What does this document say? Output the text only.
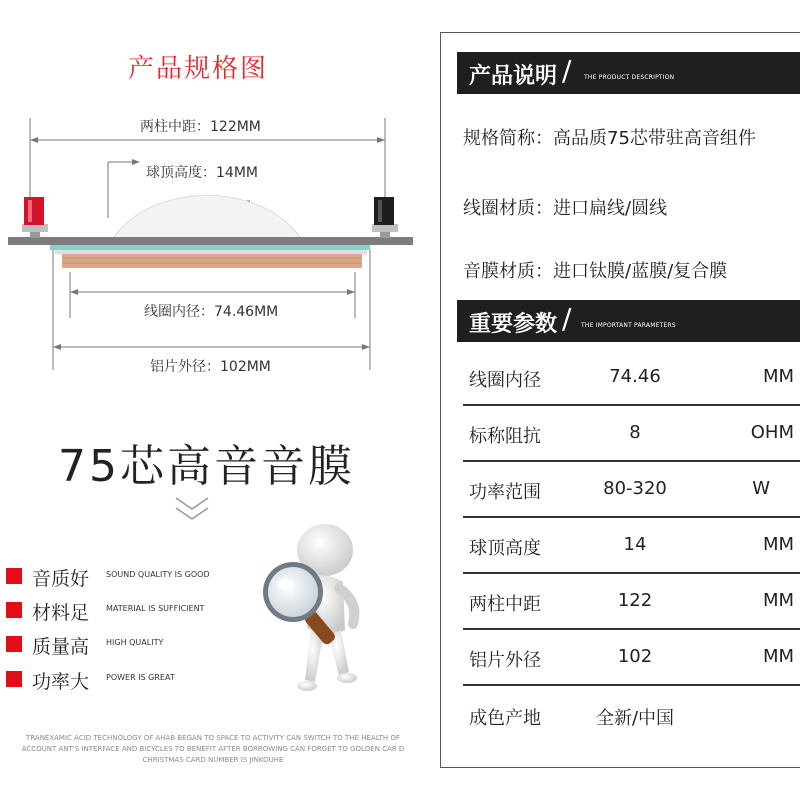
产品规格图
两柱中距：122MM
球顶高度：14MM
线圈内径：74.46MM
铝片外径：102MM
75芯高音音膜
音质好 SOUND QUALITY IS GOOD
材料足 MATERIAL IS SUFFICIENT
质量高 HIGH QUALITY
功率大 POWER IS GREAT
TRANEXAMIC ACID TECHNOLOGY OF AHAB BEGAN TO SPACE TO ACTIVITY CAN SWITCH TO THE HEALTH OF ACCOUNT ANT'S INTERFACE AND BICYCLES TO BENEFIT AFTER BORROWING CAN FORGET TO GOLDEN CAR D CHRISTMAS CARD NUMBER IS JINKOUHE
产品说明 / THE PRODUCT DESCRIPTION
规格简称：高品质75芯带驻高音组件
线圈材质：进口扁线/圆线
音膜材质：进口钛膜/蓝膜/复合膜
重要参数 / THE IMPORTANT PARAMETERS
线圈内径	74.46	MM
标称阻抗	8	OHM
功率范围	80-320	W
球顶高度	14	MM
两柱中距	122	MM
铝片外径	102	MM
成色产地	全新/中国
